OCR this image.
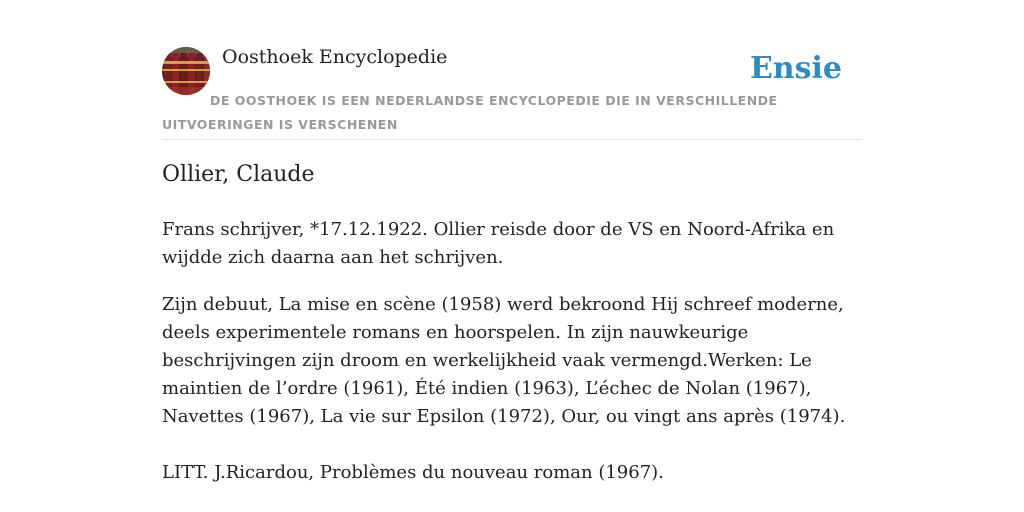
Oosthoek Encyclopedie	Ensie
DE OOSTHOEK IS EEN NEDERLANDSE ENCYCLOPEDIE DIE IN VERSCHILLENDE UITVOERINGEN IS VERSCHENEN
Ollier, Claude

Frans schrijver, *17.12.1922. Ollier reisde door de VS en Noord-Afrika en wijdde zich daarna aan het schrijven.

Zijn debuut, La mise en scène (1958) werd bekroond Hij schreef moderne, deels experimentele romans en hoorspelen. In zijn nauwkeurige beschrijvingen zijn droom en werkelijkheid vaak vermengd.Werken: Le maintien de l’ordre (1961), Été indien (1963), L’échec de Nolan (1967), Navettes (1967), La vie sur Epsilon (1972), Our, ou vingt ans après (1974).

LITT. J.Ricardou, Problèmes du nouveau roman (1967).
